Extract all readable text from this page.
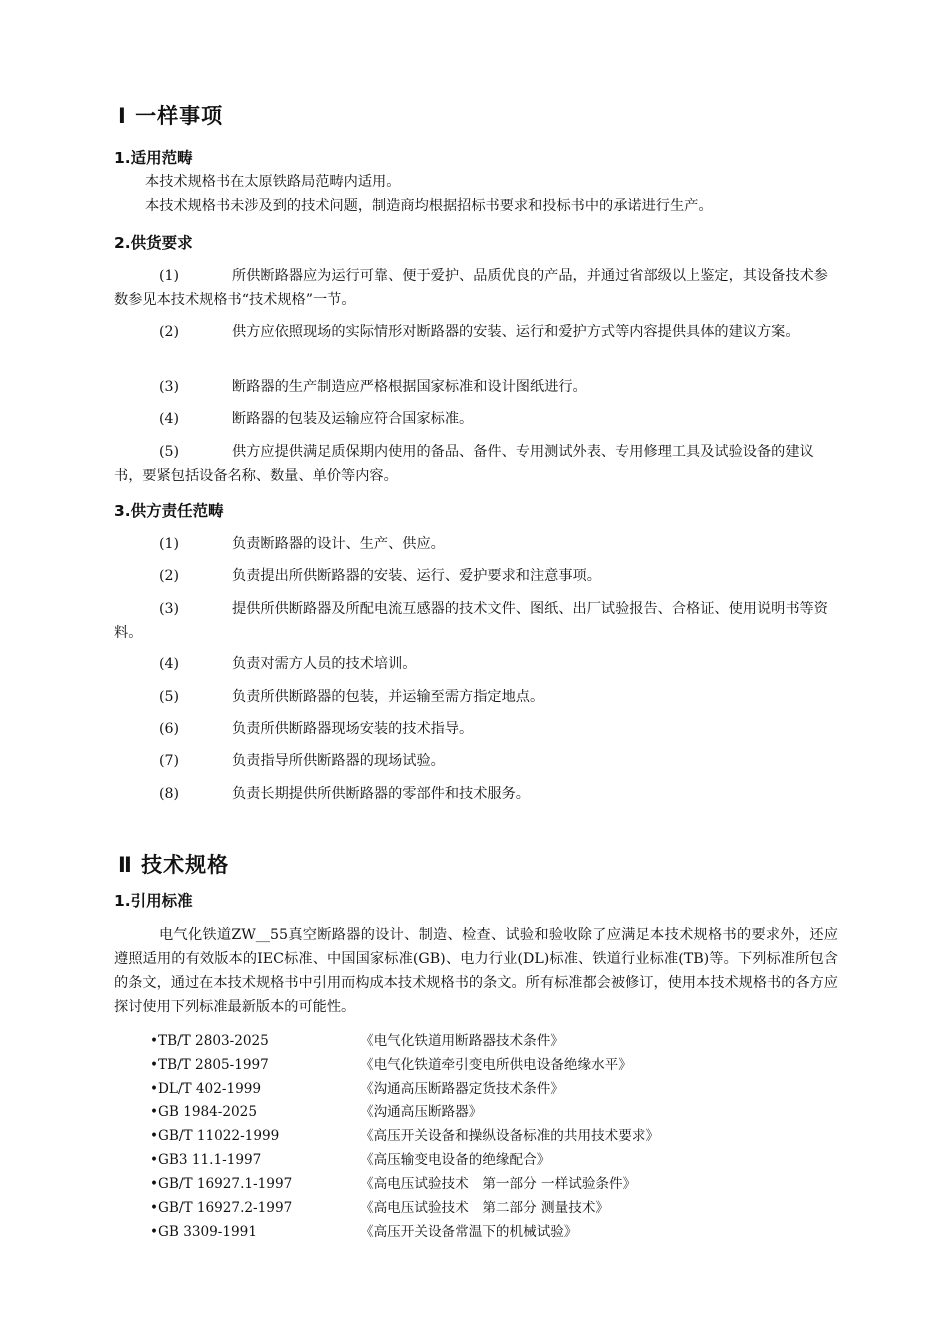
Ⅰ 一样事项
1.适用范畴
本技术规格书在太原铁路局范畴内适用。
本技术规格书未涉及到的技术问题，制造商均根据招标书要求和投标书中的承诺进行生产。
2.供货要求
(1)	所供断路器应为运行可靠、便于爱护、品质优良的产品，并通过省部级以上鉴定，其设备技术参数参见本技术规格书“技术规格”一节。
(2)	供方应依照现场的实际情形对断路器的安装、运行和爱护方式等内容提供具体的建议方案。
(3)	断路器的生产制造应严格根据国家标准和设计图纸进行。
(4)	断路器的包装及运输应符合国家标准。
(5)	供方应提供满足质保期内使用的备品、备件、专用测试外表、专用修理工具及试验设备的建议书，要紧包括设备名称、数量、单价等内容。
3.供方责任范畴
(1)	负责断路器的设计、生产、供应。
(2)	负责提出所供断路器的安装、运行、爱护要求和注意事项。
(3)	提供所供断路器及所配电流互感器的技术文件、图纸、出厂试验报告、合格证、使用说明书等资料。
(4)	负责对需方人员的技术培训。
(5)	负责所供断路器的包装，并运输至需方指定地点。
(6)	负责所供断路器现场安装的技术指导。
(7)	负责指导所供断路器的现场试验。
(8)	负责长期提供所供断路器的零部件和技术服务。
Ⅱ 技术规格
1.引用标准
电气化铁道ZW__55真空断路器的设计、制造、检查、试验和验收除了应满足本技术规格书的要求外，还应遵照适用的有效版本的IEC标准、中国国家标准(GB)、电力行业(DL)标准、铁道行业标准(TB)等。下列标准所包含的条文，通过在本技术规格书中引用而构成本技术规格书的条文。所有标准都会被修订，使用本技术规格书的各方应探讨使用下列标准最新版本的可能性。
•TB/T 2803-2025	《电气化铁道用断路器技术条件》
•TB/T 2805-1997	《电气化铁道牵引变电所供电设备绝缘水平》
•DL/T 402-1999	《沟通高压断路器定货技术条件》
•GB 1984-2025	《沟通高压断路器》
•GB/T 11022-1999	《高压开关设备和操纵设备标准的共用技术要求》
•GB3 11.1-1997	《高压输变电设备的绝缘配合》
•GB/T 16927.1-1997	《高电压试验技术　第一部分 一样试验条件》
•GB/T 16927.2-1997	《高电压试验技术　第二部分 测量技术》
•GB 3309-1991	《高压开关设备常温下的机械试验》
